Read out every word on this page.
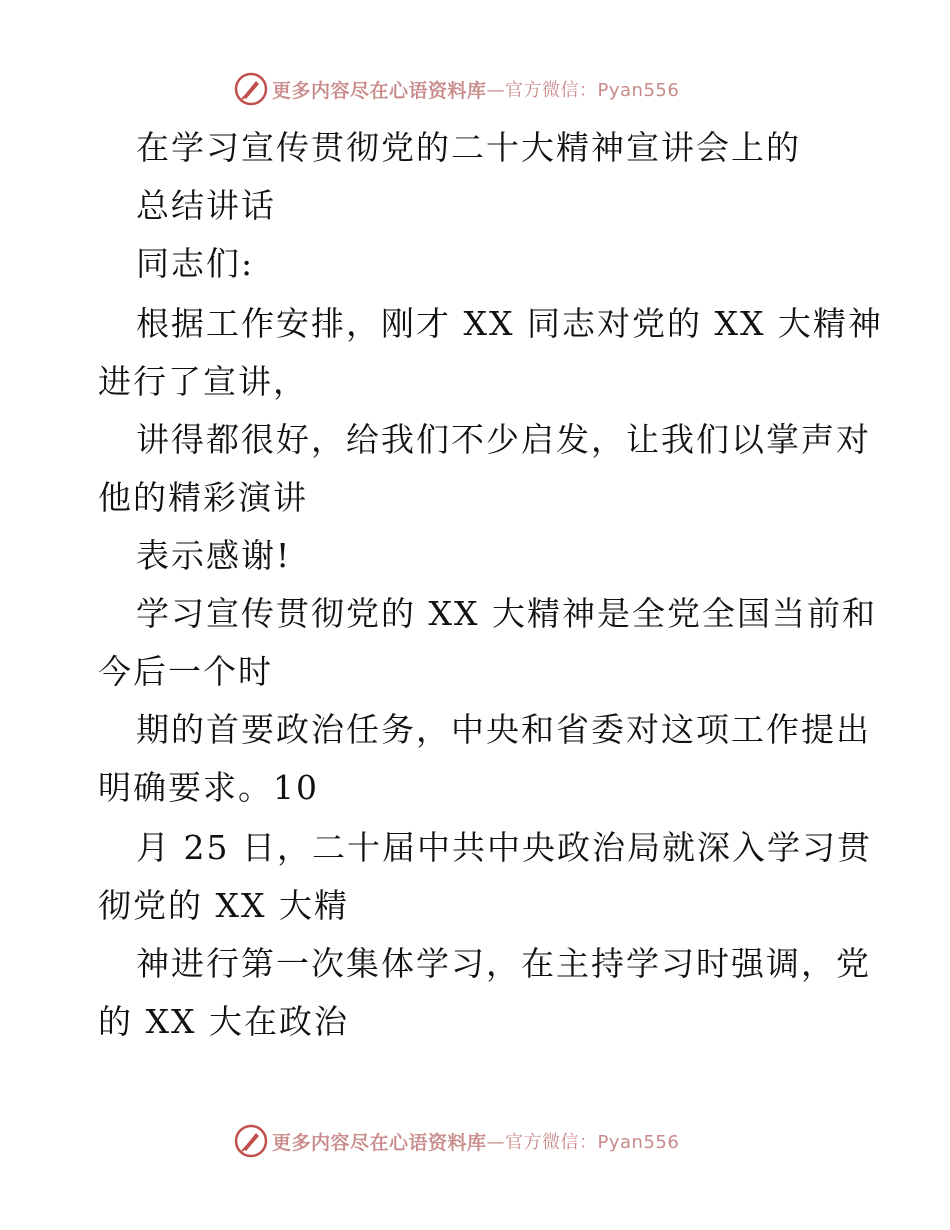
更多内容尽在心语资料库 —官方微信：Pyan556
在学习宣传贯彻党的二十大精神宣讲会上的
总结讲话
同志们:
根据工作安排，刚才 XX 同志对党的 XX 大精神
进行了宣讲，
讲得都很好，给我们不少启发，让我们以掌声对
他的精彩演讲
表示感谢!
学习宣传贯彻党的 XX 大精神是全党全国当前和
今后一个时
期的首要政治任务，中央和省委对这项工作提出
明确要求。10
月 25 日，二十届中共中央政治局就深入学习贯
彻党的 XX 大精
神进行第一次集体学习，在主持学习时强调，党
的 XX 大在政治
更多内容尽在心语资料库 —官方微信：Pyan556
